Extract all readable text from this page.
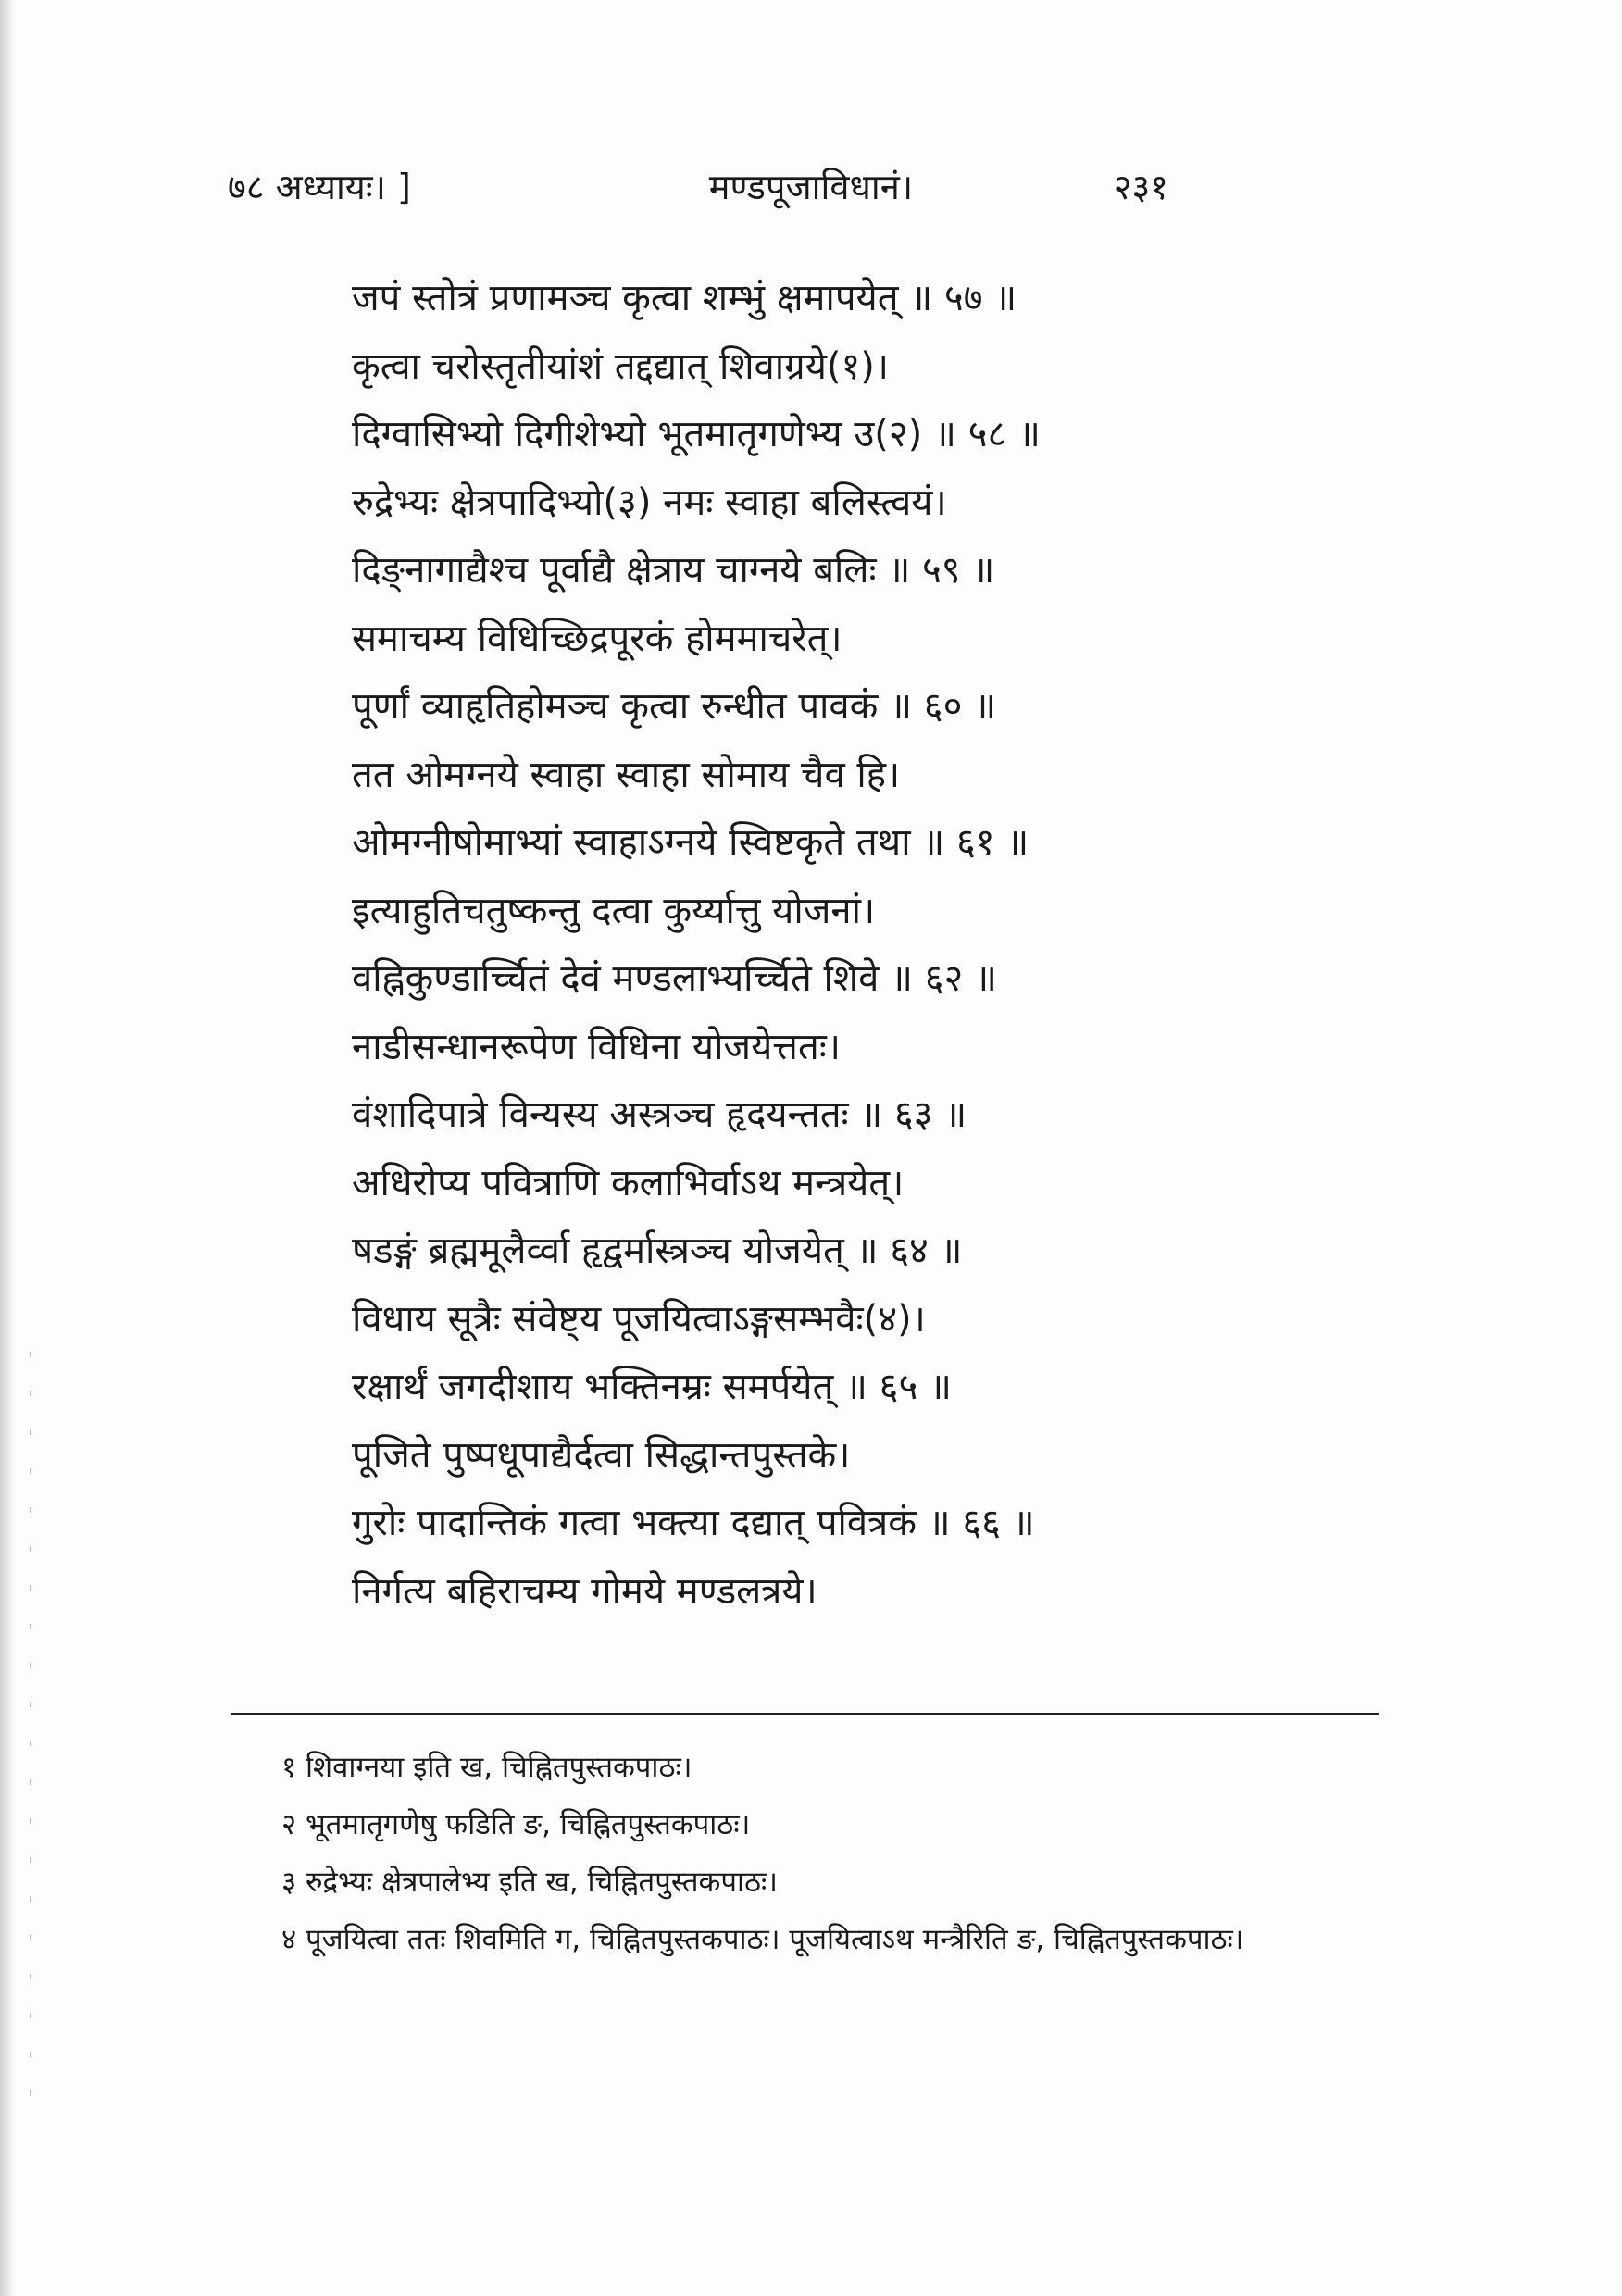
मण्डपूजाविधानं।
७८ अध्यायः। ]	२३१
जपं स्तोत्रं प्रणामञ्च कृत्वा शम्भुं क्षमापयेत् ॥ ५७ ॥
कृत्वा चरोस्तृतीयांशं तद्दद्यात् शिवाग्रये(१)।
दिग्वासिभ्यो दिगीशेभ्यो भूतमातृगणेभ्य उ(२) ॥ ५८ ॥
रुद्रेभ्यः क्षेत्रपादिभ्यो(३) नमः स्वाहा बलिस्त्वयं।
दिङ्नागाद्यैश्च पूर्वाद्यै क्षेत्राय चाग्नये बलिः ॥ ५९ ॥
समाचम्य विधिच्छिद्रपूरकं होममाचरेत्।
पूर्णां व्याहृतिहोमञ्च कृत्वा रुन्धीत पावकं ॥ ६० ॥
तत ओमग्नये स्वाहा स्वाहा सोमाय चैव हि।
ओमग्नीषोमाभ्यां स्वाहाऽग्नये स्विष्टकृते तथा ॥ ६१ ॥
इत्याहुतिचतुष्कन्तु दत्वा कुर्य्यात्तु योजनां।
वह्निकुण्डार्च्चितं देवं मण्डलाभ्यर्च्चिते शिवे ॥ ६२ ॥
नाडीसन्धानरूपेण विधिना योजयेत्ततः।
वंशादिपात्रे विन्यस्य अस्त्रञ्च हृदयन्ततः ॥ ६३ ॥
अधिरोप्य पवित्राणि कलाभिर्वाऽथ मन्त्रयेत्।
षडङ्गं ब्रह्ममूलैर्व्वा हृद्वर्मास्त्रञ्च योजयेत् ॥ ६४ ॥
विधाय सूत्रैः संवेष्ट्य पूजयित्वाऽङ्गसम्भवैः(४)।
रक्षार्थं जगदीशाय भक्तिनम्रः समर्पयेत् ॥ ६५ ॥
पूजिते पुष्पधूपाद्यैर्दत्वा सिद्धान्तपुस्तके।
गुरोः पादान्तिकं गत्वा भक्त्या दद्यात् पवित्रकं ॥ ६६ ॥
निर्गत्य बहिराचम्य गोमये मण्डलत्रये।
१ शिवाग्नया इति ख, चिह्नितपुस्तकपाठः।
२ भूतमातृगणेषु फडिति ङ, चिह्नितपुस्तकपाठः।
३ रुद्रेभ्यः क्षेत्रपालेभ्य इति ख, चिह्नितपुस्तकपाठः।
४ पूजयित्वा ततः शिवमिति ग, चिह्नितपुस्तकपाठः। पूजयित्वाऽथ मन्त्रैरिति ङ, चिह्नितपुस्तकपाठः।
